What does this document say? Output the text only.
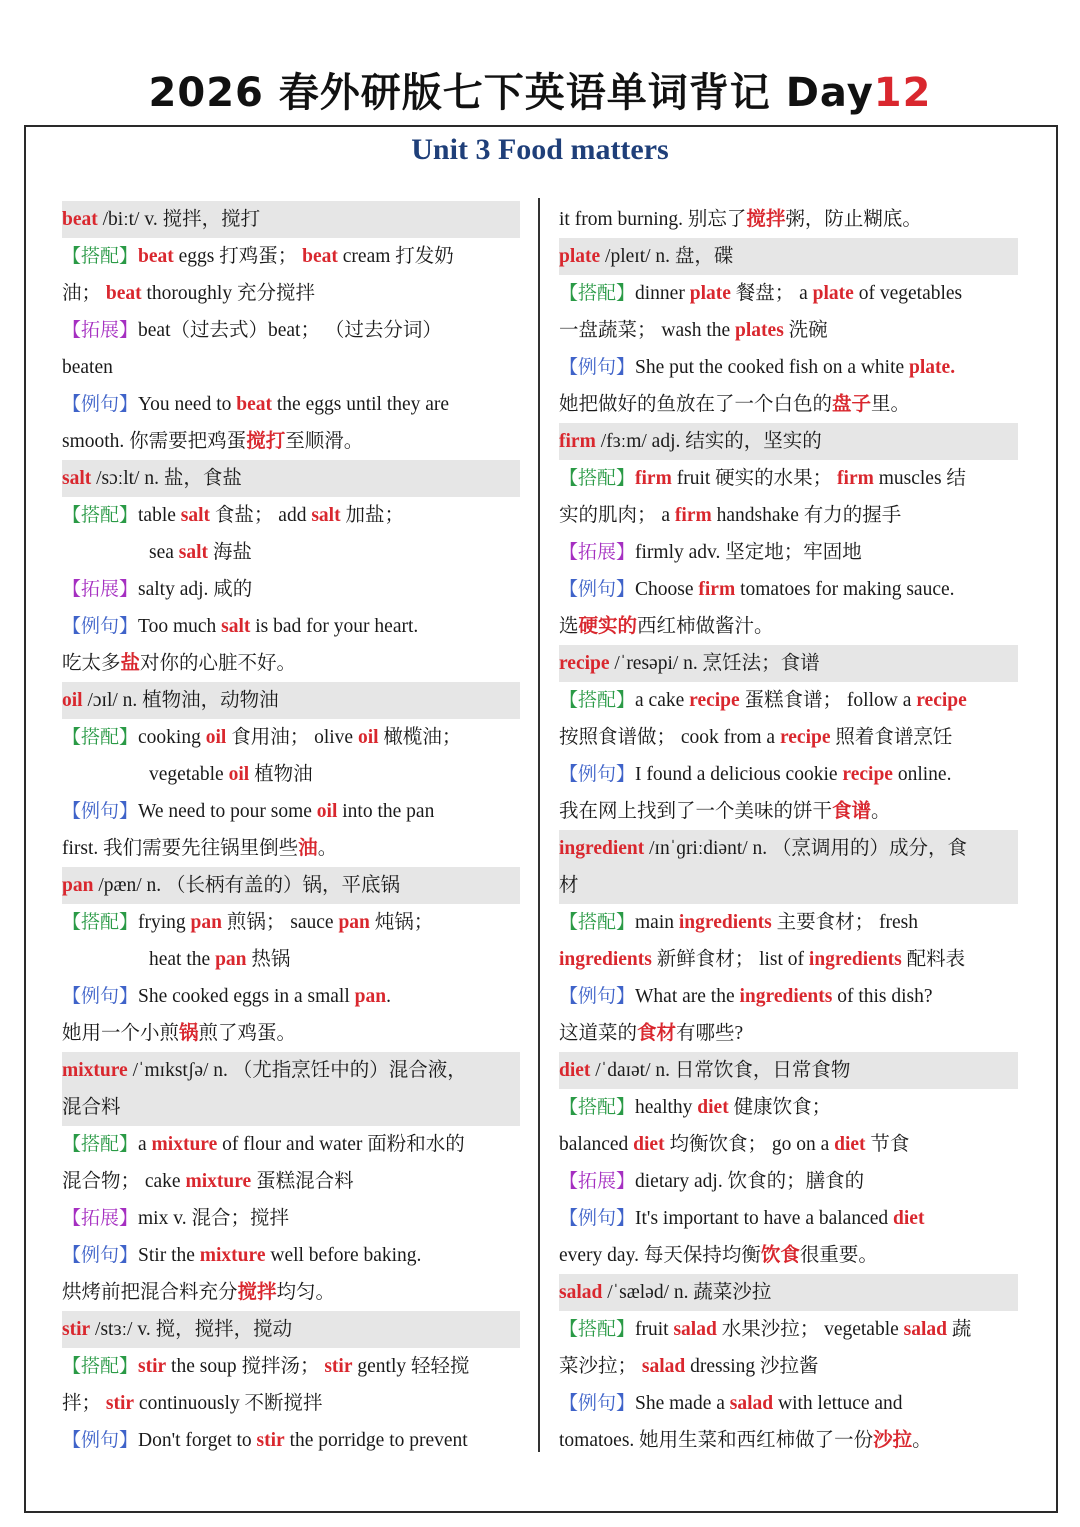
2026 春外研版七下英语单词背记 Day12
Unit 3 Food matters
beat /biːt/ v. 搅拌，搅打
【搭配】beat eggs 打鸡蛋； beat cream 打发奶
油； beat thoroughly 充分搅拌
【拓展】beat（过去式）beat； （过去分词）
beaten
【例句】You need to beat the eggs until they are
smooth. 你需要把鸡蛋搅打至顺滑。
salt /sɔːlt/ n. 盐，食盐
【搭配】table salt 食盐； add salt 加盐；
sea salt 海盐
【拓展】salty adj. 咸的
【例句】Too much salt is bad for your heart.
吃太多盐对你的心脏不好。
oil /ɔɪl/ n. 植物油，动物油
【搭配】cooking oil 食用油； olive oil 橄榄油；
vegetable oil 植物油
【例句】We need to pour some oil into the pan
first. 我们需要先往锅里倒些油。
pan /pæn/ n. （长柄有盖的）锅，平底锅
【搭配】frying pan 煎锅； sauce pan 炖锅；
heat the pan 热锅
【例句】She cooked eggs in a small pan.
她用一个小煎锅煎了鸡蛋。
mixture /ˈmɪkstʃə/ n. （尤指烹饪中的）混合液，
混合料
【搭配】a mixture of flour and water 面粉和水的
混合物； cake mixture 蛋糕混合料
【拓展】mix v. 混合；搅拌
【例句】Stir the mixture well before baking.
烘烤前把混合料充分搅拌均匀。
stir /stɜː/ v. 搅，搅拌，搅动
【搭配】stir the soup 搅拌汤； stir gently 轻轻搅
拌； stir continuously 不断搅拌
【例句】Don't forget to stir the porridge to prevent
it from burning. 别忘了搅拌粥，防止糊底。
plate /pleɪt/ n. 盘，碟
【搭配】dinner plate 餐盘； a plate of vegetables
一盘蔬菜； wash the plates 洗碗
【例句】She put the cooked fish on a white plate.
她把做好的鱼放在了一个白色的盘子里。
firm /fɜːm/ adj. 结实的，坚实的
【搭配】firm fruit 硬实的水果； firm muscles 结
实的肌肉； a firm handshake 有力的握手
【拓展】firmly adv. 坚定地；牢固地
【例句】Choose firm tomatoes for making sauce.
选硬实的西红柿做酱汁。
recipe /ˈresəpi/ n. 烹饪法；食谱
【搭配】a cake recipe 蛋糕食谱； follow a recipe
按照食谱做； cook from a recipe 照着食谱烹饪
【例句】I found a delicious cookie recipe online.
我在网上找到了一个美味的饼干食谱。
ingredient /ɪnˈɡriːdiənt/ n. （烹调用的）成分，食
材
【搭配】main ingredients 主要食材； fresh
ingredients 新鲜食材； list of ingredients 配料表
【例句】What are the ingredients of this dish?
这道菜的食材有哪些?
diet /ˈdaɪət/ n. 日常饮食，日常食物
【搭配】healthy diet 健康饮食；
balanced diet 均衡饮食； go on a diet 节食
【拓展】dietary adj. 饮食的；膳食的
【例句】It's important to have a balanced diet
every day. 每天保持均衡饮食很重要。
salad /ˈsæləd/ n. 蔬菜沙拉
【搭配】fruit salad 水果沙拉； vegetable salad 蔬
菜沙拉； salad dressing 沙拉酱
【例句】She made a salad with lettuce and
tomatoes. 她用生菜和西红柿做了一份沙拉。
